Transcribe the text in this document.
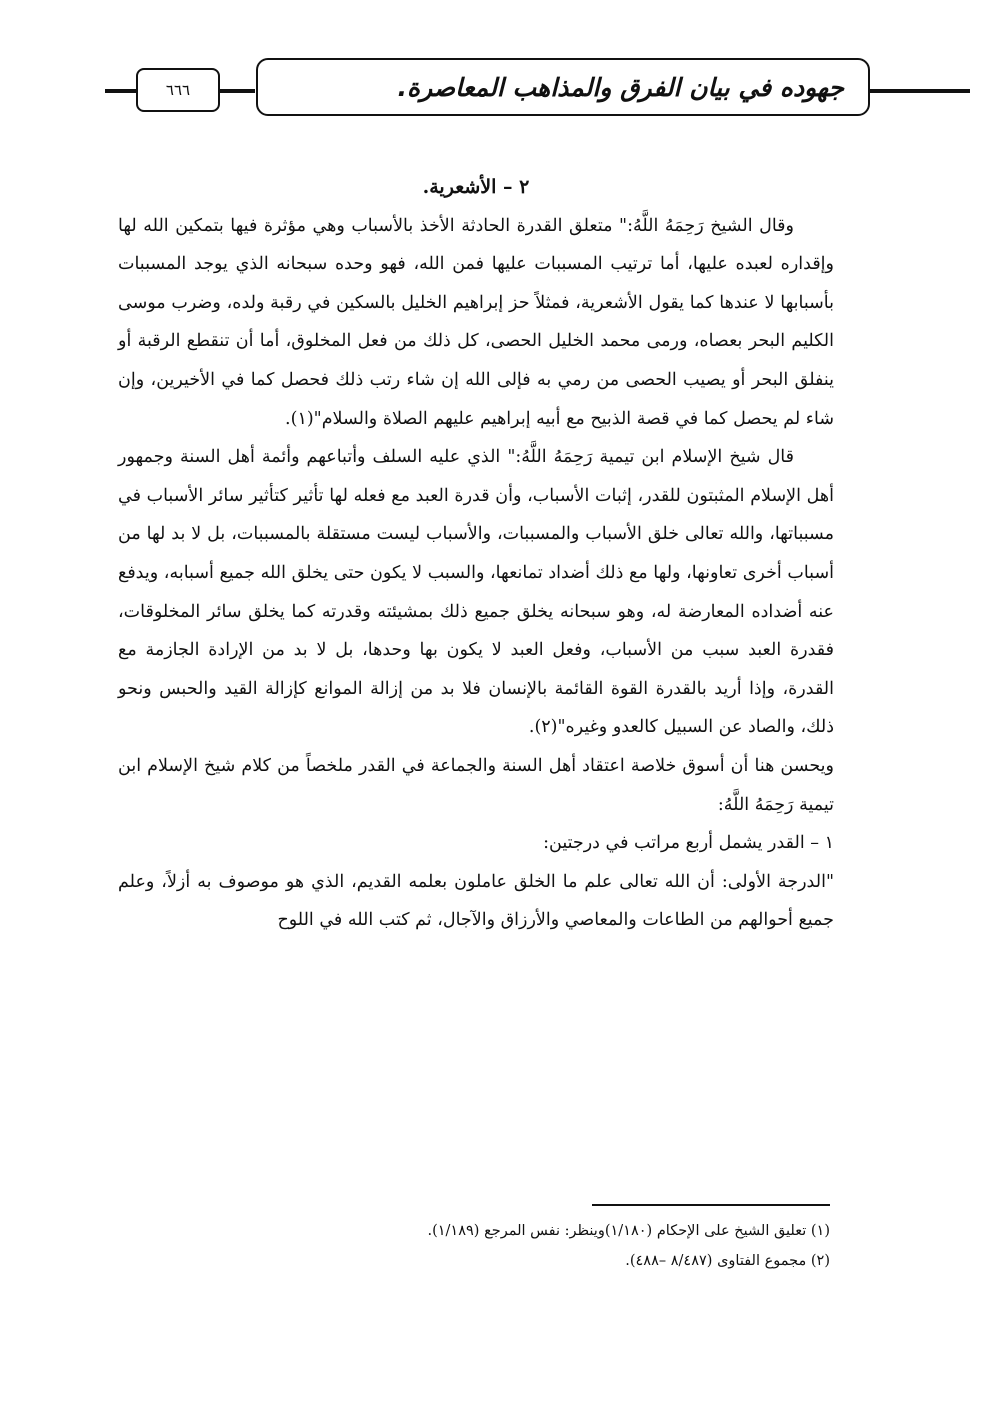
٦٦٦	جهوده في بيان الفرق والمذاهب المعاصرة.

٢ – الأشعرية.

وقال الشيخ رَحِمَهُ اللَّهُ:" متعلق القدرة الحادثة الأخذ بالأسباب وهي مؤثرة فيها بتمكين الله لها وإقداره لعبده عليها، أما ترتيب المسببات عليها فمن الله، فهو وحده سبحانه الذي يوجد المسببات بأسبابها لا عندها كما يقول الأشعرية، فمثلاً حز إبراهيم الخليل بالسكين في رقبة ولده، وضرب موسى الكليم البحر بعصاه، ورمى محمد الخليل الحصى، كل ذلك من فعل المخلوق، أما أن تنقطع الرقبة أو ينفلق البحر أو يصيب الحصى من رمي به فإلى الله إن شاء رتب ذلك فحصل كما في الأخيرين، وإن شاء لم يحصل كما في قصة الذبيح مع أبيه إبراهيم عليهم الصلاة والسلام"(١).

قال شيخ الإسلام ابن تيمية رَحِمَهُ اللَّهُ:" الذي عليه السلف وأتباعهم وأئمة أهل السنة وجمهور أهل الإسلام المثبتون للقدر، إثبات الأسباب، وأن قدرة العبد مع فعله لها تأثير كتأثير سائر الأسباب في مسبباتها، والله تعالى خلق الأسباب والمسببات، والأسباب ليست مستقلة بالمسببات، بل لا بد لها من أسباب أخرى تعاونها، ولها مع ذلك أضداد تمانعها، والسبب لا يكون حتى يخلق الله جميع أسبابه، ويدفع عنه أضداده المعارضة له، وهو سبحانه يخلق جميع ذلك بمشيئته وقدرته كما يخلق سائر المخلوقات، فقدرة العبد سبب من الأسباب، وفعل العبد لا يكون بها وحدها، بل لا بد من الإرادة الجازمة مع القدرة، وإذا أريد بالقدرة القوة القائمة بالإنسان فلا بد من إزالة الموانع كإزالة القيد والحبس ونحو ذلك، والصاد عن السبيل كالعدو وغيره"(٢).

ويحسن هنا أن أسوق خلاصة اعتقاد أهل السنة والجماعة في القدر ملخصاً من كلام شيخ الإسلام ابن تيمية رَحِمَهُ اللَّهُ:

١ – القدر يشمل أربع مراتب في درجتين:

"الدرجة الأولى: أن الله تعالى علم ما الخلق عاملون بعلمه القديم، الذي هو موصوف به أزلاً، وعلم جميع أحوالهم من الطاعات والمعاصي والأرزاق والآجال، ثم كتب الله في اللوح

(١) تعليق الشيخ على الإحكام (١/١٨٠)وينظر: نفس المرجع (١/١٨٩).

(٢) مجموع الفتاوى (٨/٤٨٧ –٤٨٨).
